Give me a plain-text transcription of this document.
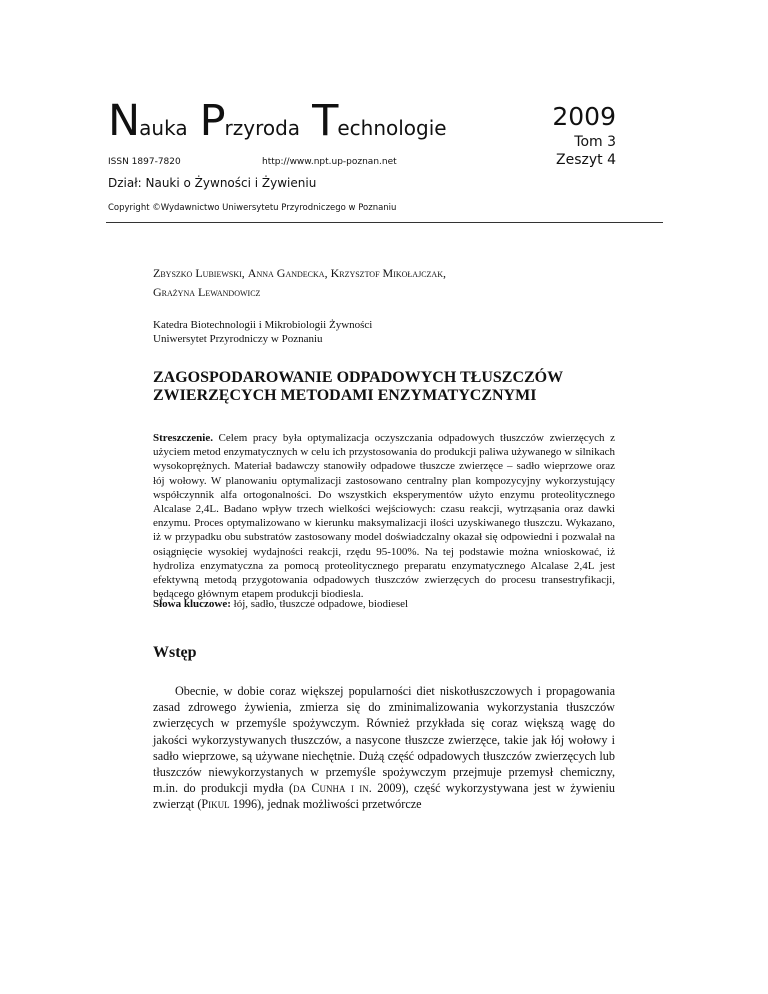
Nauka Przyroda Technologie
ISSN 1897-7820	http://www.npt.up-poznan.net
2009
Tom 3
Zeszyt 4
Dział: Nauki o Żywności i Żywieniu
Copyright ©Wydawnictwo Uniwersytetu Przyrodniczego w Poznaniu
Zbyszko Lubiewski, Anna Gandecka, Krzysztof Mikołajczak,
Grażyna Lewandowicz
Katedra Biotechnologii i Mikrobiologii Żywności
Uniwersytet Przyrodniczy w Poznaniu
ZAGOSPODAROWANIE ODPADOWYCH TŁUSZCZÓW ZWIERZĘCYCH METODAMI ENZYMATYCZNYMI
Streszczenie. Celem pracy była optymalizacja oczyszczania odpadowych tłuszczów zwierzęcych z użyciem metod enzymatycznych w celu ich przystosowania do produkcji paliwa używanego w silnikach wysokoprężnych. Materiał badawczy stanowiły odpadowe tłuszcze zwierzęce – sadło wieprzowe oraz łój wołowy. W planowaniu optymalizacji zastosowano centralny plan kompozycyjny wykorzystujący współczynnik alfa ortogonalności. Do wszystkich eksperymentów użyto enzymu proteolitycznego Alcalase 2,4L. Badano wpływ trzech wielkości wejściowych: czasu reakcji, wytrząsania oraz dawki enzymu. Proces optymalizowano w kierunku maksymalizacji ilości uzyskiwanego tłuszczu. Wykazano, iż w przypadku obu substratów zastosowany model doświadczalny okazał się odpowiedni i pozwalał na osiągnięcie wysokiej wydajności reakcji, rzędu 95-100%. Na tej podstawie można wnioskować, iż hydroliza enzymatyczna za pomocą proteolitycznego preparatu enzymatycznego Alcalase 2,4L jest efektywną metodą przygotowania odpadowych tłuszczów zwierzęcych do procesu transestryfikacji, będącego głównym etapem produkcji biodiesla.
Słowa kluczowe: łój, sadło, tłuszcze odpadowe, biodiesel
Wstęp
Obecnie, w dobie coraz większej popularności diet niskotłuszczowych i propagowania zasad zdrowego żywienia, zmierza się do zminimalizowania wykorzystania tłuszczów zwierzęcych w przemyśle spożywczym. Również przykłada się coraz większą wagę do jakości wykorzystywanych tłuszczów, a nasycone tłuszcze zwierzęce, takie jak łój wołowy i sadło wieprzowe, są używane niechętnie. Dużą część odpadowych tłuszczów zwierzęcych lub tłuszczów niewykorzystanych w przemyśle spożywczym przejmuje przemysł chemiczny, m.in. do produkcji mydła (da Cunha i in. 2009), część wykorzystywana jest w żywieniu zwierząt (Pikul 1996), jednak możliwości przetwórcze
